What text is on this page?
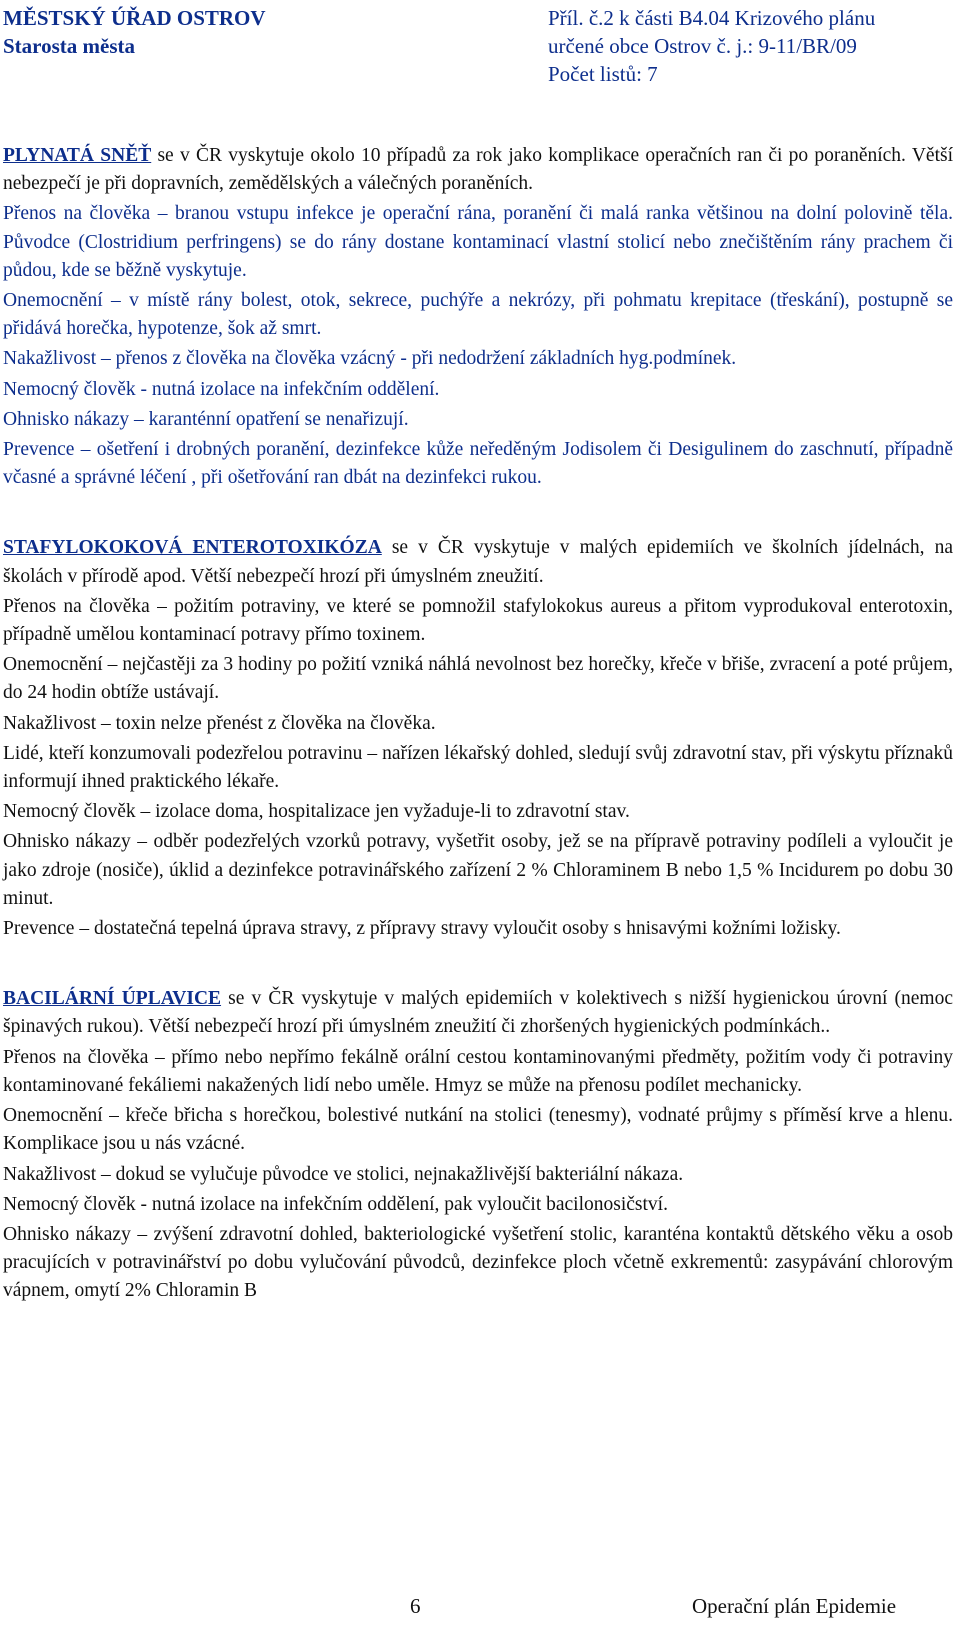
MĚSTSKÝ ÚŘAD OSTROV
Starosta města
Příl. č.2 k části B4.04 Krizového plánu
určené obce Ostrov č. j.: 9-11/BR/09
Počet listů: 7

PLYNATÁ SNĚŤ se v ČR vyskytuje okolo 10 případů za rok jako komplikace operačních ran či po poraněních. Větší nebezpečí je při dopravních, zemědělských a válečných poraněních.

Přenos na člověka – branou vstupu infekce je operační rána, poranění či malá ranka většinou na dolní polovině těla. Původce (Clostridium perfringens) se do rány dostane kontaminací vlastní stolicí nebo znečištěním rány prachem či půdou, kde se běžně vyskytuje.

Onemocnění – v místě rány bolest, otok, sekrece, puchýře a nekrózy, při pohmatu krepitace (třeskání), postupně se přidává horečka, hypotenze, šok až smrt.

Nakažlivost – přenos z člověka na člověka vzácný - při nedodržení základních hyg.podmínek.

Nemocný člověk - nutná izolace na infekčním oddělení.

Ohnisko nákazy – karanténní opatření se nenařizují.

Prevence – ošetření i drobných poranění, dezinfekce kůže neředěným Jodisolem či Desigulinem do zaschnutí, případně včasné a správné léčení , při ošetřování ran dbát na dezinfekci rukou.

STAFYLOKOKOVÁ ENTEROTOXIKÓZA se v ČR vyskytuje v malých epidemiích ve školních jídelnách, na školách v přírodě apod. Větší nebezpečí hrozí při úmyslném zneužití.

Přenos na člověka – požitím potraviny, ve které se pomnožil stafylokokus aureus a přitom vyprodukoval enterotoxin, případně umělou kontaminací potravy přímo toxinem.

Onemocnění – nejčastěji za 3 hodiny po požití vzniká náhlá nevolnost bez horečky, křeče v břiše, zvracení a poté průjem, do 24 hodin obtíže ustávají.

Nakažlivost – toxin nelze přenést z člověka na člověka.

Lidé, kteří konzumovali podezřelou potravinu – nařízen lékařský dohled, sledují svůj zdravotní stav, při výskytu příznaků informují ihned praktického lékaře.

Nemocný člověk – izolace doma, hospitalizace jen vyžaduje-li to zdravotní stav.

Ohnisko nákazy – odběr podezřelých vzorků potravy, vyšetřit osoby, jež se na přípravě potraviny podíleli a vyloučit je jako zdroje (nosiče), úklid a dezinfekce potravinářského zařízení 2 % Chloraminem B nebo 1,5 % Incidurem po dobu 30 minut.

Prevence – dostatečná tepelná úprava stravy, z přípravy stravy vyloučit osoby s hnisavými kožními ložisky.

BACILÁRNÍ ÚPLAVICE se v ČR vyskytuje v malých epidemiích v kolektivech s nižší hygienickou úrovní (nemoc špinavých rukou). Větší nebezpečí hrozí při úmyslném zneužití či zhoršených hygienických podmínkách..

Přenos na člověka – přímo nebo nepřímo fekálně orální cestou kontaminovanými předměty, požitím vody či potraviny kontaminované fekáliemi nakažených lidí nebo uměle. Hmyz se může na přenosu podílet mechanicky.

Onemocnění – křeče břicha s horečkou, bolestivé nutkání na stolici (tenesmy), vodnaté průjmy s příměsí krve a hlenu. Komplikace jsou u nás vzácné.

Nakažlivost – dokud se vylučuje původce ve stolici, nejnakažlivější bakteriální nákaza.

Nemocný člověk - nutná izolace na infekčním oddělení, pak vyloučit bacilonosičství.

Ohnisko nákazy – zvýšení zdravotní dohled, bakteriologické vyšetření stolic, karanténa kontaktů dětského věku a osob pracujících v potravinářství po dobu vylučování původců, dezinfekce ploch včetně exkrementů: zasypávání chlorovým vápnem, omytí 2% Chloramin B

6	Operační plán Epidemie
